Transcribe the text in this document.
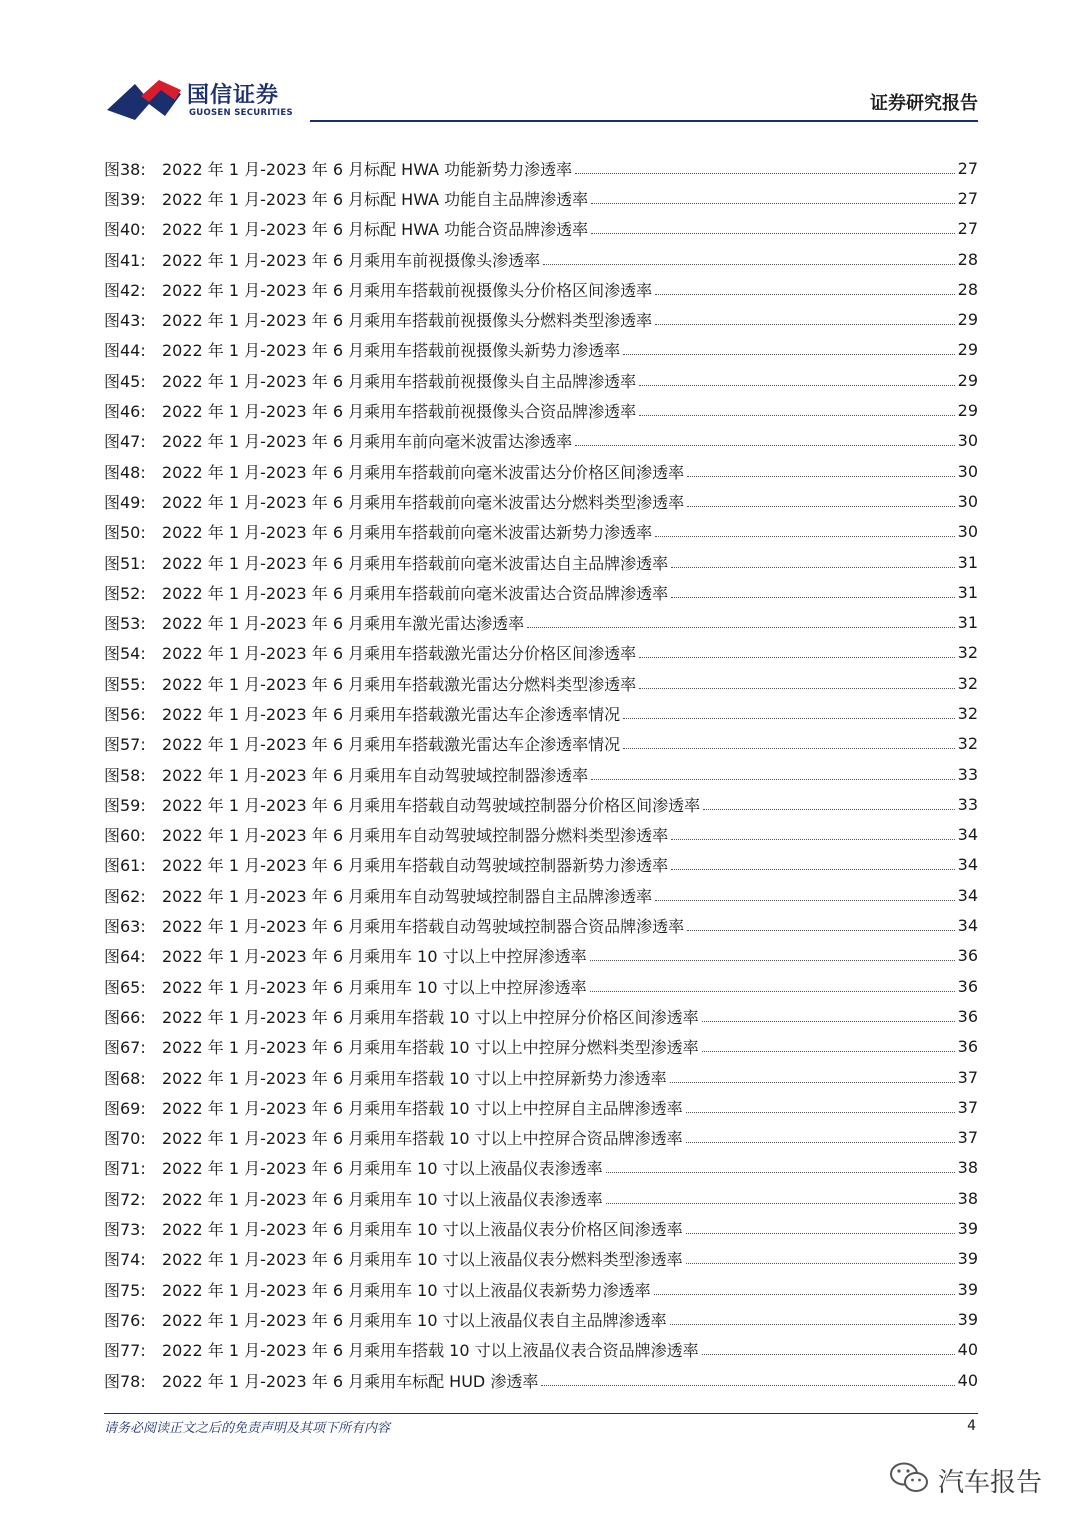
国信证券
GUOSEN SECURITIES	证券研究报告
图38:	2022 年 1 月-2023 年 6 月标配 HWA 功能新势力渗透率	27
图39:	2022 年 1 月-2023 年 6 月标配 HWA 功能自主品牌渗透率	27
图40:	2022 年 1 月-2023 年 6 月标配 HWA 功能合资品牌渗透率	27
图41:	2022 年 1 月-2023 年 6 月乘用车前视摄像头渗透率	28
图42:	2022 年 1 月-2023 年 6 月乘用车搭载前视摄像头分价格区间渗透率	28
图43:	2022 年 1 月-2023 年 6 月乘用车搭载前视摄像头分燃料类型渗透率	29
图44:	2022 年 1 月-2023 年 6 月乘用车搭载前视摄像头新势力渗透率	29
图45:	2022 年 1 月-2023 年 6 月乘用车搭载前视摄像头自主品牌渗透率	29
图46:	2022 年 1 月-2023 年 6 月乘用车搭载前视摄像头合资品牌渗透率	29
图47:	2022 年 1 月-2023 年 6 月乘用车前向毫米波雷达渗透率	30
图48:	2022 年 1 月-2023 年 6 月乘用车搭载前向毫米波雷达分价格区间渗透率	30
图49:	2022 年 1 月-2023 年 6 月乘用车搭载前向毫米波雷达分燃料类型渗透率	30
图50:	2022 年 1 月-2023 年 6 月乘用车搭载前向毫米波雷达新势力渗透率	30
图51:	2022 年 1 月-2023 年 6 月乘用车搭载前向毫米波雷达自主品牌渗透率	31
图52:	2022 年 1 月-2023 年 6 月乘用车搭载前向毫米波雷达合资品牌渗透率	31
图53:	2022 年 1 月-2023 年 6 月乘用车激光雷达渗透率	31
图54:	2022 年 1 月-2023 年 6 月乘用车搭载激光雷达分价格区间渗透率	32
图55:	2022 年 1 月-2023 年 6 月乘用车搭载激光雷达分燃料类型渗透率	32
图56:	2022 年 1 月-2023 年 6 月乘用车搭载激光雷达车企渗透率情况	32
图57:	2022 年 1 月-2023 年 6 月乘用车搭载激光雷达车企渗透率情况	32
图58:	2022 年 1 月-2023 年 6 月乘用车自动驾驶域控制器渗透率	33
图59:	2022 年 1 月-2023 年 6 月乘用车搭载自动驾驶域控制器分价格区间渗透率	33
图60:	2022 年 1 月-2023 年 6 月乘用车自动驾驶域控制器分燃料类型渗透率	34
图61:	2022 年 1 月-2023 年 6 月乘用车搭载自动驾驶域控制器新势力渗透率	34
图62:	2022 年 1 月-2023 年 6 月乘用车自动驾驶域控制器自主品牌渗透率	34
图63:	2022 年 1 月-2023 年 6 月乘用车搭载自动驾驶域控制器合资品牌渗透率	34
图64:	2022 年 1 月-2023 年 6 月乘用车 10 寸以上中控屏渗透率	36
图65:	2022 年 1 月-2023 年 6 月乘用车 10 寸以上中控屏渗透率	36
图66:	2022 年 1 月-2023 年 6 月乘用车搭载 10 寸以上中控屏分价格区间渗透率	36
图67:	2022 年 1 月-2023 年 6 月乘用车搭载 10 寸以上中控屏分燃料类型渗透率	36
图68:	2022 年 1 月-2023 年 6 月乘用车搭载 10 寸以上中控屏新势力渗透率	37
图69:	2022 年 1 月-2023 年 6 月乘用车搭载 10 寸以上中控屏自主品牌渗透率	37
图70:	2022 年 1 月-2023 年 6 月乘用车搭载 10 寸以上中控屏合资品牌渗透率	37
图71:	2022 年 1 月-2023 年 6 月乘用车 10 寸以上液晶仪表渗透率	38
图72:	2022 年 1 月-2023 年 6 月乘用车 10 寸以上液晶仪表渗透率	38
图73:	2022 年 1 月-2023 年 6 月乘用车 10 寸以上液晶仪表分价格区间渗透率	39
图74:	2022 年 1 月-2023 年 6 月乘用车 10 寸以上液晶仪表分燃料类型渗透率	39
图75:	2022 年 1 月-2023 年 6 月乘用车 10 寸以上液晶仪表新势力渗透率	39
图76:	2022 年 1 月-2023 年 6 月乘用车 10 寸以上液晶仪表自主品牌渗透率	39
图77:	2022 年 1 月-2023 年 6 月乘用车搭载 10 寸以上液晶仪表合资品牌渗透率	40
图78:	2022 年 1 月-2023 年 6 月乘用车标配 HUD 渗透率	40
请务必阅读正文之后的免责声明及其项下所有内容	4
汽车报告
